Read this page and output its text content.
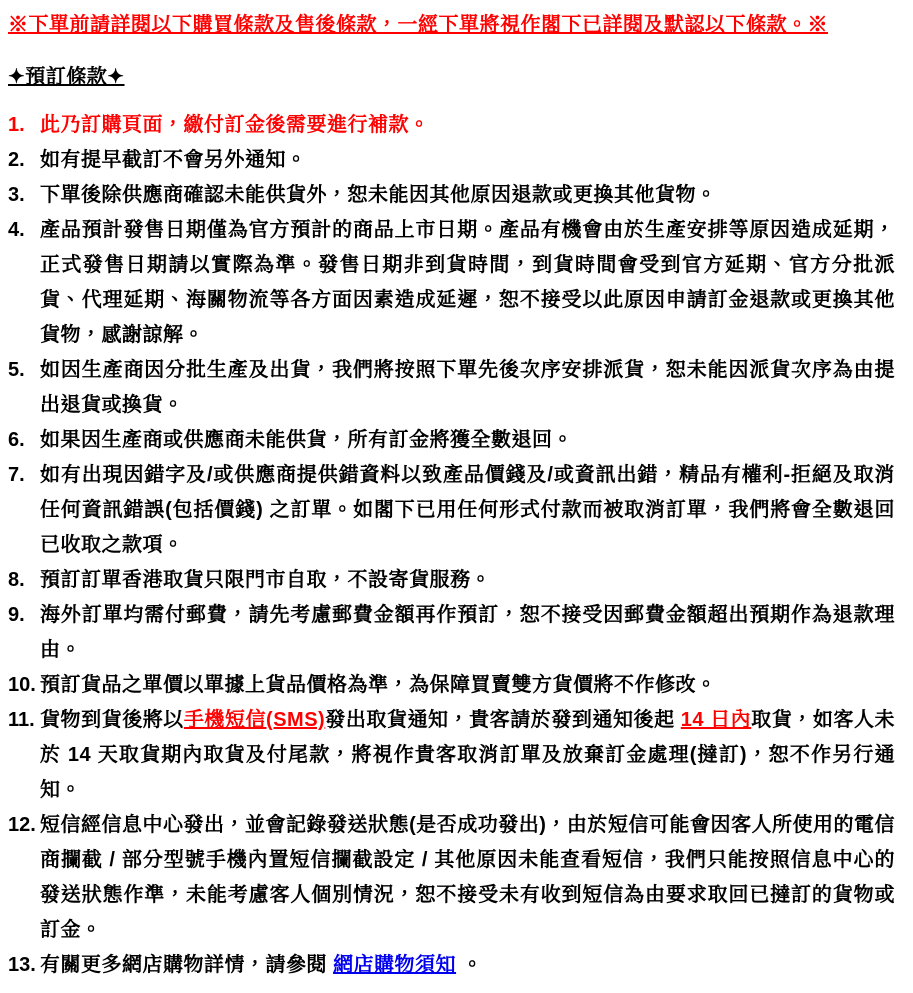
※下單前請詳閱以下購買條款及售後條款，一經下單將視作閣下已詳閱及默認以下條款。※
✦預訂條款✦
1. 此乃訂購頁面，繳付訂金後需要進行補款。
2. 如有提早截訂不會另外通知。
3. 下單後除供應商確認未能供貨外，恕未能因其他原因退款或更換其他貨物。
4. 產品預計發售日期僅為官方預計的商品上市日期。產品有機會由於生產安排等原因造成延期，正式發售日期請以實際為準。發售日期非到貨時間，到貨時間會受到官方延期、官方分批派貨、代理延期、海關物流等各方面因素造成延遲，恕不接受以此原因申請訂金退款或更換其他貨物，感謝諒解。
5. 如因生產商因分批生產及出貨，我們將按照下單先後次序安排派貨，恕未能因派貨次序為由提出退貨或換貨。
6. 如果因生產商或供應商未能供貨，所有訂金將獲全數退回。
7. 如有出現因錯字及/或供應商提供錯資料以致產品價錢及/或資訊出錯，精品有權利-拒絕及取消任何資訊錯誤(包括價錢) 之訂單。如閣下已用任何形式付款而被取消訂單，我們將會全數退回已收取之款項。
8. 預訂訂單香港取貨只限門市自取，不設寄貨服務。
9. 海外訂單均需付郵費，請先考慮郵費金額再作預訂，恕不接受因郵費金額超出預期作為退款理由。
10. 預訂貨品之單價以單據上貨品價格為準，為保障買賣雙方貨價將不作修改。
11. 貨物到貨後將以手機短信(SMS)發出取貨通知，貴客請於發到通知後起 14 日內取貨，如客人未於 14 天取貨期內取貨及付尾款，將視作貴客取消訂單及放棄訂金處理(撻訂)，恕不作另行通知。
12. 短信經信息中心發出，並會記錄發送狀態(是否成功發出)，由於短信可能會因客人所使用的電信商攔截 / 部分型號手機內置短信攔截設定 / 其他原因未能查看短信，我們只能按照信息中心的發送狀態作準，未能考慮客人個別情況，恕不接受未有收到短信為由要求取回已撻訂的貨物或訂金。
13. 有關更多網店購物詳情，請參閱 網店購物須知 。
